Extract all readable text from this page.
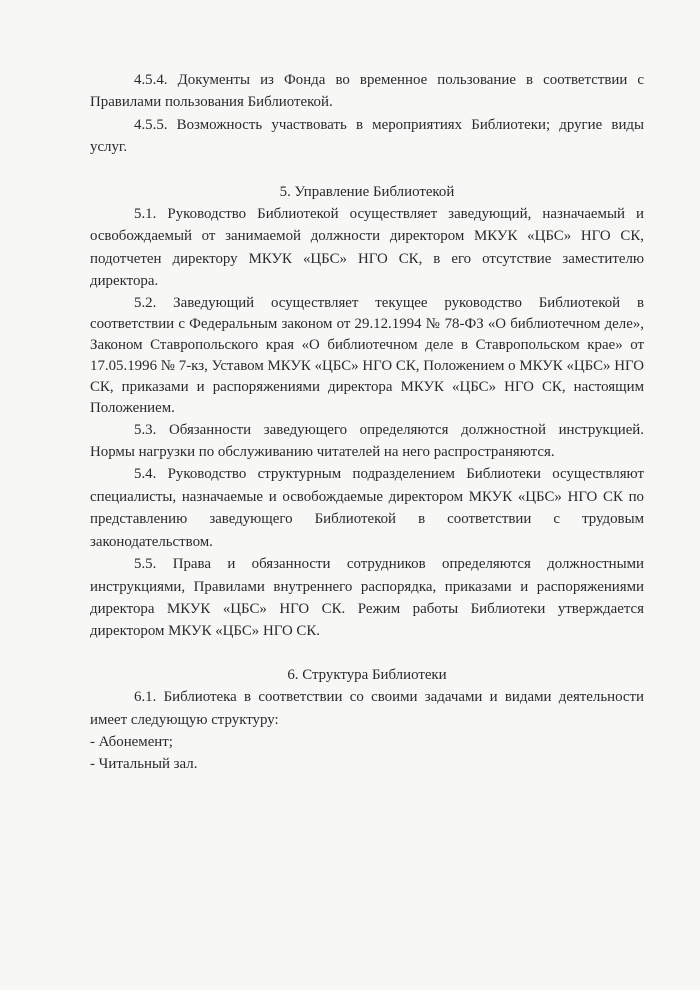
4.5.4. Документы из Фонда во временное пользование в соответствии с Правилами пользования Библиотекой.

4.5.5. Возможность участвовать в мероприятиях Библиотеки; другие виды услуг.

5. Управление Библиотекой

5.1. Руководство Библиотекой осуществляет заведующий, назначаемый и освобождаемый от занимаемой должности директором МКУК «ЦБС» НГО СК, подотчетен директору МКУК «ЦБС» НГО СК, в его отсутствие заместителю директора.

5.2. Заведующий осуществляет текущее руководство Библиотекой в соответствии с Федеральным законом от 29.12.1994 № 78-ФЗ «О библиотечном деле», Законом Ставропольского края «О библиотечном деле в Ставропольском крае» от 17.05.1996 № 7-кз, Уставом МКУК «ЦБС» НГО СК, Положением о МКУК «ЦБС» НГО СК, приказами и распоряжениями директора МКУК «ЦБС» НГО СК, настоящим Положением.

5.3. Обязанности заведующего определяются должностной инструкцией. Нормы нагрузки по обслуживанию читателей на него распространяются.

5.4. Руководство структурным подразделением Библиотеки осуществляют специалисты, назначаемые и освобождаемые директором МКУК «ЦБС» НГО СК по представлению заведующего Библиотекой в соответствии с трудовым законодательством.

5.5. Права и обязанности сотрудников определяются должностными инструкциями, Правилами внутреннего распорядка, приказами и распоряжениями директора МКУК «ЦБС» НГО СК. Режим работы Библиотеки утверждается директором МКУК «ЦБС» НГО СК.

6. Структура Библиотеки

6.1. Библиотека в соответствии со своими задачами и видами деятельности имеет следующую структуру:

- Абонемент;

- Читальный зал.
